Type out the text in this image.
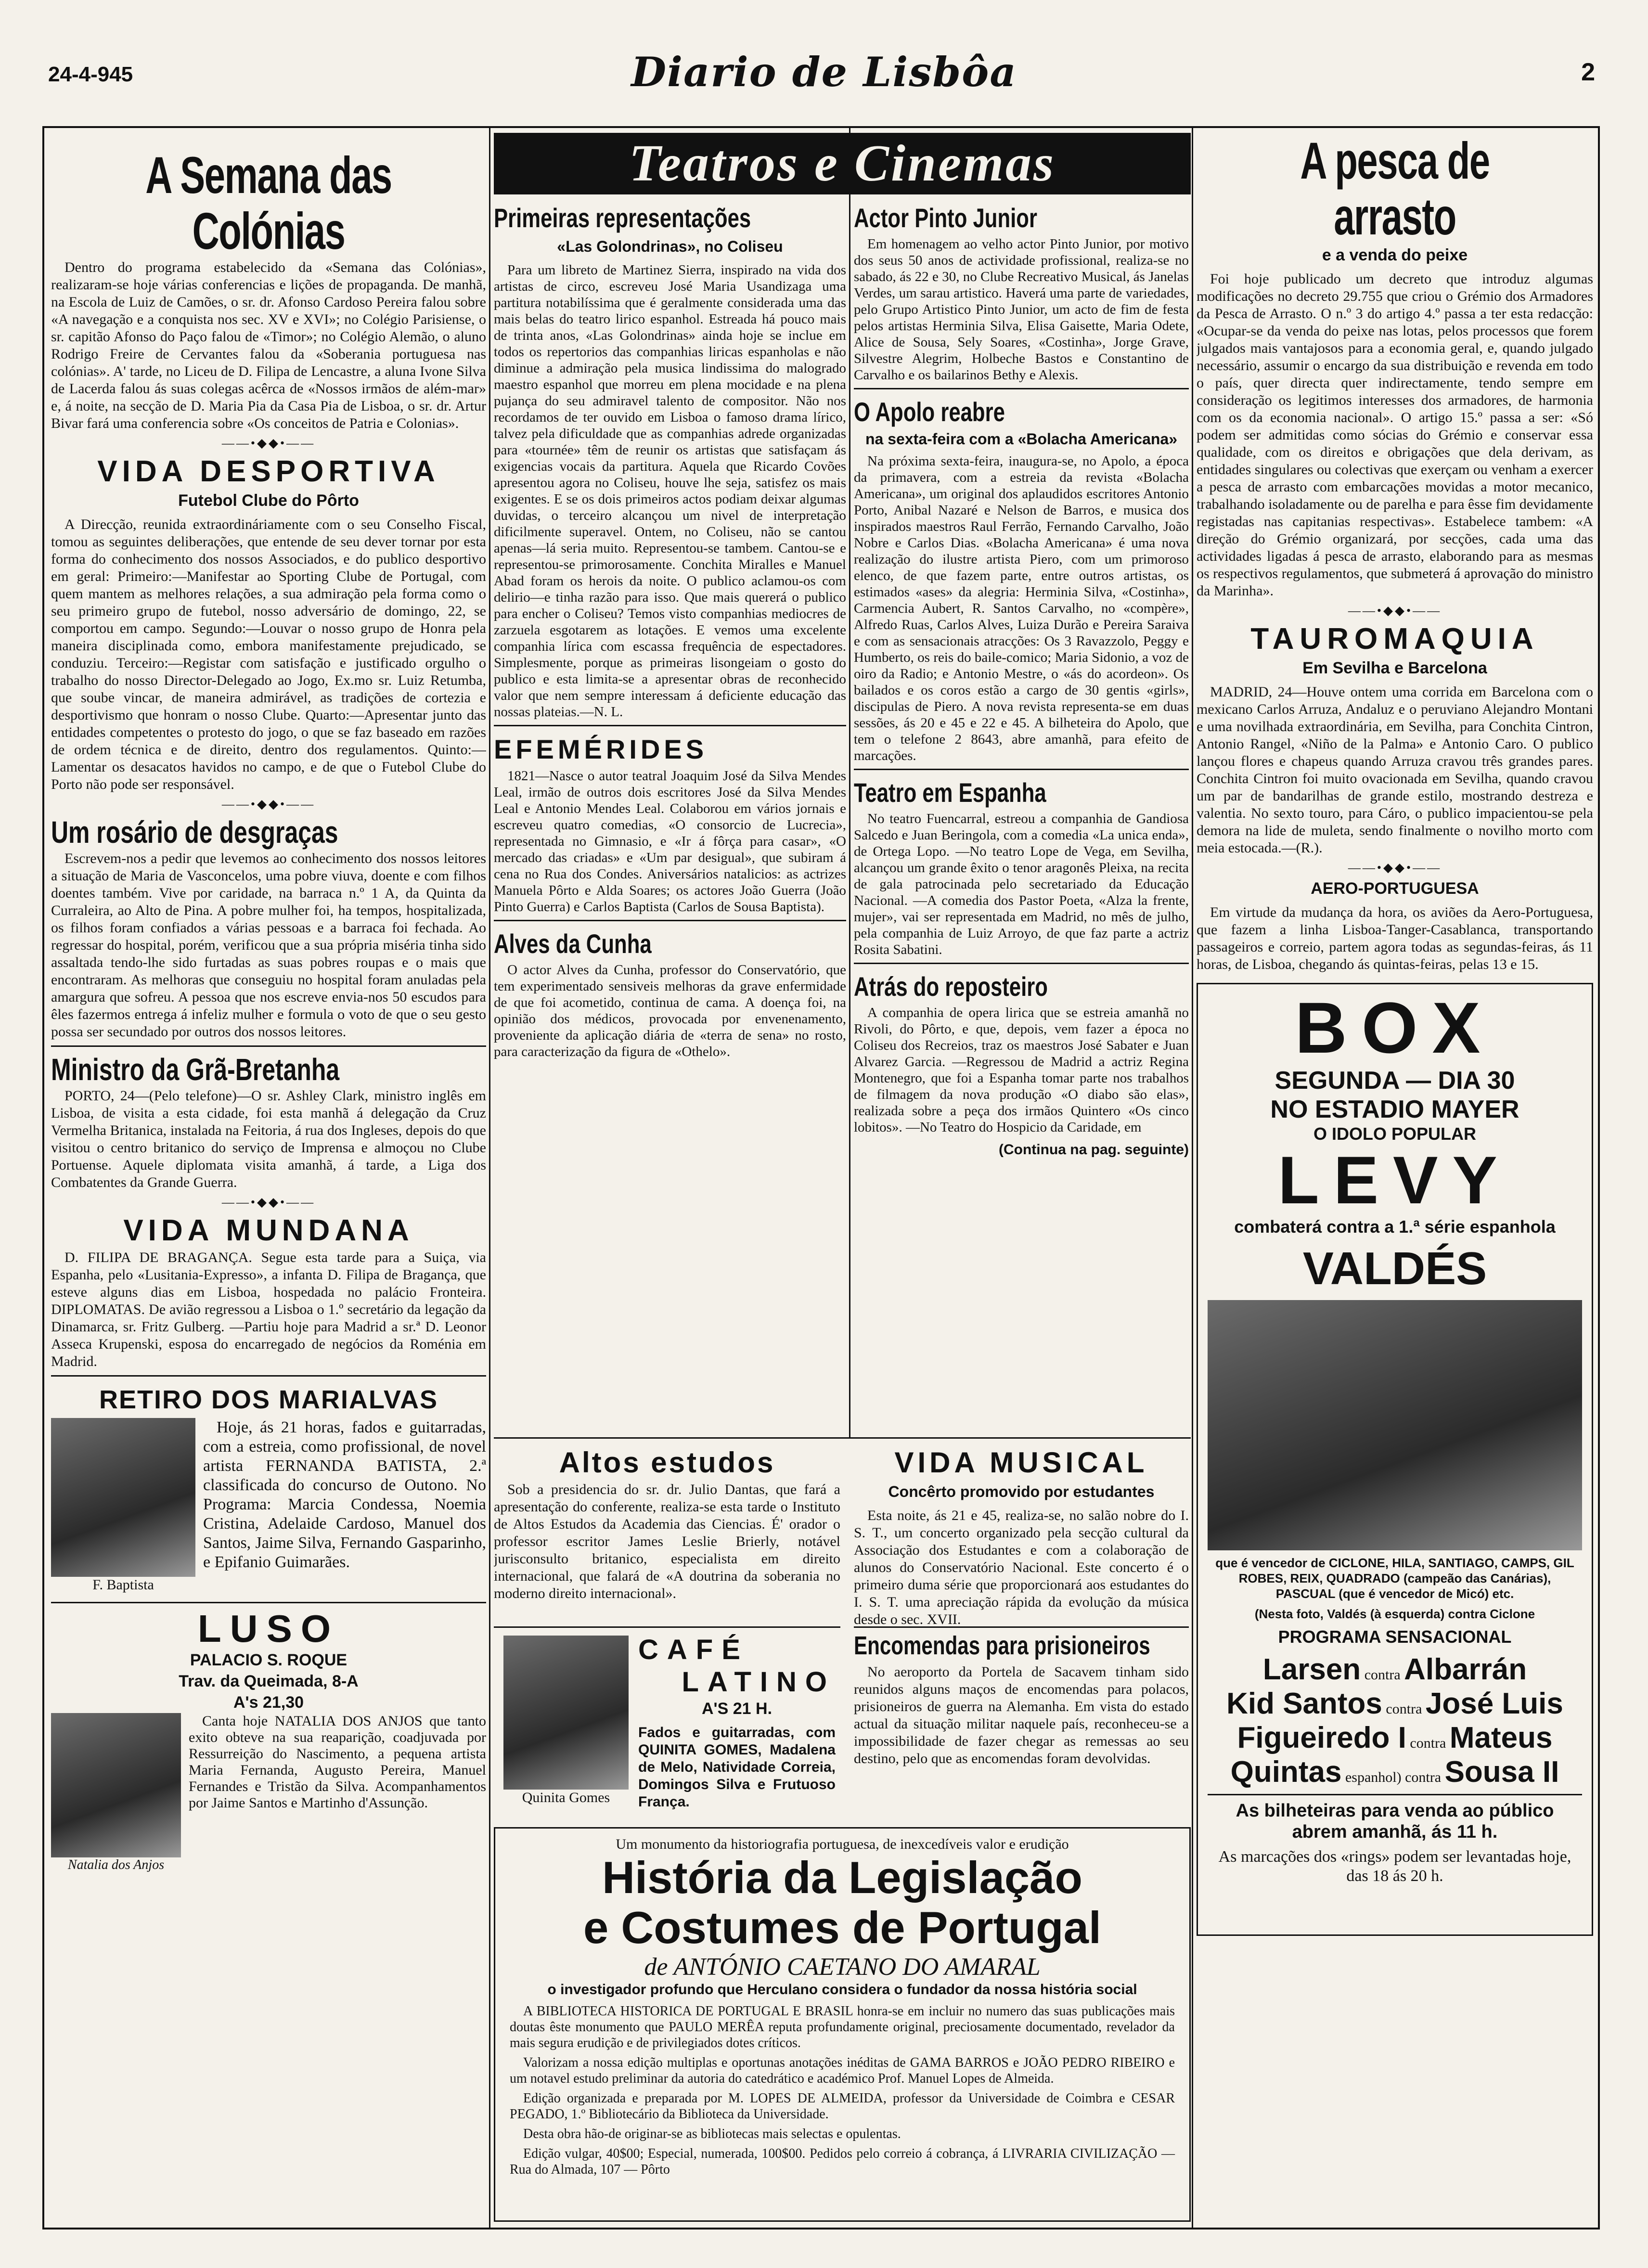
24-4-945	Diario de Lisbôa	2
A Semana das Colónias

Dentro do programa estabelecido da «Semana das Colónias», realizaram-se hoje várias conferencias e lições de propaganda. De manhã, na Escola de Luiz de Camões, o sr. dr. Afonso Cardoso Pereira falou sobre «A navegação e a conquista nos sec. XV e XVI»; no Colégio Parisiense, o sr. capitão Afonso do Paço falou de «Timor»; no Colégio Alemão, o aluno Rodrigo Freire de Cervantes falou da «Soberania portuguesa nas colónias». A' tarde, no Liceu de D. Filipa de Lencastre, a aluna Ivone Silva de Lacerda falou ás suas colegas acêrca de «Nossos irmãos de além-mar» e, á noite, na secção de D. Maria Pia da Casa Pia de Lisboa, o sr. dr. Artur Bivar fará uma conferencia sobre «Os conceitos de Patria e Colonias».

——•◆◆•——
VIDA DESPORTIVA
Futebol Clube do Pôrto

A Direcção, reunida extraordináriamente com o seu Conselho Fiscal, tomou as seguintes deliberações, que entende de seu dever tornar por esta forma do conhecimento dos nossos Associados, e do publico desportivo em geral: Primeiro:—Manifestar ao Sporting Clube de Portugal, com quem mantem as melhores relações, a sua admiração pela forma como o seu primeiro grupo de futebol, nosso adversário de domingo, 22, se comportou em campo. Segundo:—Louvar o nosso grupo de Honra pela maneira disciplinada como, embora manifestamente prejudicado, se conduziu. Terceiro:—Registar com satisfação e justificado orgulho o trabalho do nosso Director-Delegado ao Jogo, Ex.mo sr. Luiz Retumba, que soube vincar, de maneira admirável, as tradições de cortezia e desportivismo que honram o nosso Clube. Quarto:—Apresentar junto das entidades competentes o protesto do jogo, o que se faz baseado em razões de ordem técnica e de direito, dentro dos regulamentos. Quinto:—Lamentar os desacatos havidos no campo, e de que o Futebol Clube do Porto não pode ser responsável.

——•◆◆•——
Um rosário de desgraças

Escrevem-nos a pedir que levemos ao conhecimento dos nossos leitores a situação de Maria de Vasconcelos, uma pobre viuva, doente e com filhos doentes também. Vive por caridade, na barraca n.º 1 A, da Quinta da Curraleira, ao Alto de Pina. A pobre mulher foi, ha tempos, hospitalizada, os filhos foram confiados a várias pessoas e a barraca foi fechada. Ao regressar do hospital, porém, verificou que a sua própria miséria tinha sido assaltada tendo-lhe sido furtadas as suas pobres roupas e o mais que encontraram. As melhoras que conseguiu no hospital foram anuladas pela amargura que sofreu. A pessoa que nos escreve envia-nos 50 escudos para êles fazermos entrega á infeliz mulher e formula o voto de que o seu gesto possa ser secundado por outros dos nossos leitores.

Ministro da Grã-Bretanha

PORTO, 24—(Pelo telefone)—O sr. Ashley Clark, ministro inglês em Lisboa, de visita a esta cidade, foi esta manhã á delegação da Cruz Vermelha Britanica, instalada na Feitoria, á rua dos Ingleses, depois do que visitou o centro britanico do serviço de Imprensa e almoçou no Clube Portuense. Aquele diplomata visita amanhã, á tarde, a Liga dos Combatentes da Grande Guerra.

——•◆◆•——
VIDA MUNDANA

D. FILIPA DE BRAGANÇA. Segue esta tarde para a Suiça, via Espanha, pelo «Lusitania-Expresso», a infanta D. Filipa de Bragança, que esteve alguns dias em Lisboa, hospedada no palácio Fronteira. DIPLOMATAS. De avião regressou a Lisboa o 1.º secretário da legação da Dinamarca, sr. Fritz Gulberg. —Partiu hoje para Madrid a sr.ª D. Leonor Asseca Krupenski, esposa do encarregado de negócios da Roménia em Madrid.

RETIRO DOS MARIALVAS
F. Baptista

Hoje, ás 21 horas, fados e guitarradas, com a estreia, como profissional, de novel artista FERNANDA BATISTA, 2.ª classificada do concurso de Outono. No Programa: Marcia Condessa, Noemia Cristina, Adelaide Cardoso, Manuel dos Santos, Jaime Silva, Fernando Gasparinho, e Epifanio Guimarães.

LUSO
PALACIO S. ROQUE
Trav. da Queimada, 8-A
A's 21,30
Natalia dos Anjos

Canta hoje NATALIA DOS ANJOS que tanto exito obteve na sua reaparição, coadjuvada por Ressurreição do Nascimento, a pequena artista Maria Fernanda, Augusto Pereira, Manuel Fernandes e Tristão da Silva. Acompanhamentos por Jaime Santos e Martinho d'Assunção.

Teatros e Cinemas
Primeiras representações
«Las Golondrinas», no Coliseu

Para um libreto de Martinez Sierra, inspirado na vida dos artistas de circo, escreveu José Maria Usandizaga uma partitura notabilíssima que é geralmente considerada uma das mais belas do teatro lirico espanhol. Estreada há pouco mais de trinta anos, «Las Golondrinas» ainda hoje se inclue em todos os repertorios das companhias liricas espanholas e não diminue a admiração pela musica lindissima do malogrado maestro espanhol que morreu em plena mocidade e na plena pujança do seu admiravel talento de compositor. Não nos recordamos de ter ouvido em Lisboa o famoso drama lírico, talvez pela dificuldade que as companhias adrede organizadas para «tournée» têm de reunir os artistas que satisfaçam ás exigencias vocais da partitura. Aquela que Ricardo Covões apresentou agora no Coliseu, houve lhe seja, satisfez os mais exigentes. E se os dois primeiros actos podiam deixar algumas duvidas, o terceiro alcançou um nivel de interpretação dificilmente superavel. Ontem, no Coliseu, não se cantou apenas—lá seria muito. Representou-se tambem. Cantou-se e representou-se primorosamente. Conchita Miralles e Manuel Abad foram os herois da noite. O publico aclamou-os com delirio—e tinha razão para isso. Que mais quererá o publico para encher o Coliseu? Temos visto companhias mediocres de zarzuela esgotarem as lotações. E vemos uma excelente companhia lírica com escassa frequência de espectadores. Simplesmente, porque as primeiras lisongeiam o gosto do publico e esta limita-se a apresentar obras de reconhecido valor que nem sempre interessam á deficiente educação das nossas plateias.—N. L.

EFEMÉRIDES

1821—Nasce o autor teatral Joaquim José da Silva Mendes Leal, irmão de outros dois escritores José da Silva Mendes Leal e Antonio Mendes Leal. Colaborou em vários jornais e escreveu quatro comedias, «O consorcio de Lucrecia», representada no Gimnasio, e «Ir á fôrça para casar», «O mercado das criadas» e «Um par desigual», que subiram á cena no Rua dos Condes. Aniversários natalicios: as actrizes Manuela Pôrto e Alda Soares; os actores João Guerra (João Pinto Guerra) e Carlos Baptista (Carlos de Sousa Baptista).

Alves da Cunha

O actor Alves da Cunha, professor do Conservatório, que tem experimentado sensiveis melhoras da grave enfermidade de que foi acometido, continua de cama. A doença foi, na opinião dos médicos, provocada por envenenamento, proveniente da aplicação diária de «terra de sena» no rosto, para caracterização da figura de «Othelo».

Actor Pinto Junior

Em homenagem ao velho actor Pinto Junior, por motivo dos seus 50 anos de actividade profissional, realiza-se no sabado, ás 22 e 30, no Clube Recreativo Musical, ás Janelas Verdes, um sarau artistico. Haverá uma parte de variedades, pelo Grupo Artistico Pinto Junior, um acto de fim de festa pelos artistas Herminia Silva, Elisa Gaisette, Maria Odete, Alice de Sousa, Sely Soares, «Costinha», Jorge Grave, Silvestre Alegrim, Holbeche Bastos e Constantino de Carvalho e os bailarinos Bethy e Alexis.

O Apolo reabre
na sexta-feira com a «Bolacha Americana»

Na próxima sexta-feira, inaugura-se, no Apolo, a época da primavera, com a estreia da revista «Bolacha Americana», um original dos aplaudidos escritores Antonio Porto, Anibal Nazaré e Nelson de Barros, e musica dos inspirados maestros Raul Ferrão, Fernando Carvalho, João Nobre e Carlos Dias. «Bolacha Americana» é uma nova realização do ilustre artista Piero, com um primoroso elenco, de que fazem parte, entre outros artistas, os estimados «ases» da alegria: Herminia Silva, «Costinha», Carmencia Aubert, R. Santos Carvalho, no «compère», Alfredo Ruas, Carlos Alves, Luiza Durão e Pereira Saraiva e com as sensacionais atracções: Os 3 Ravazzolo, Peggy e Humberto, os reis do baile-comico; Maria Sidonio, a voz de oiro da Radio; e Antonio Mestre, o «ás do acordeon». Os bailados e os coros estão a cargo de 30 gentis «girls», discipulas de Piero. A nova revista representa-se em duas sessões, ás 20 e 45 e 22 e 45. A bilheteira do Apolo, que tem o telefone 2 8643, abre amanhã, para efeito de marcações.

Teatro em Espanha

No teatro Fuencarral, estreou a companhia de Gandiosa Salcedo e Juan Beringola, com a comedia «La unica enda», de Ortega Lopo. —No teatro Lope de Vega, em Sevilha, alcançou um grande êxito o tenor aragonês Pleixa, na recita de gala patrocinada pelo secretariado da Educação Nacional. —A comedia dos Pastor Poeta, «Alza la frente, mujer», vai ser representada em Madrid, no mês de julho, pela companhia de Luiz Arroyo, de que faz parte a actriz Rosita Sabatini.

Atrás do reposteiro

A companhia de opera lirica que se estreia amanhã no Rivoli, do Pôrto, e que, depois, vem fazer a época no Coliseu dos Recreios, traz os maestros José Sabater e Juan Alvarez Garcia. —Regressou de Madrid a actriz Regina Montenegro, que foi a Espanha tomar parte nos trabalhos de filmagem da nova produção «O diabo são elas», realizada sobre a peça dos irmãos Quintero «Os cinco lobitos». —No Teatro do Hospicio da Caridade, em

(Continua na pag. seguinte)
Altos estudos

Sob a presidencia do sr. dr. Julio Dantas, que fará a apresentação do conferente, realiza-se esta tarde o Instituto de Altos Estudos da Academia das Ciencias. É' orador o professor escritor James Leslie Brierly, notável jurisconsulto britanico, especialista em direito internacional, que falará de «A doutrina da soberania no moderno direito internacional».

VIDA MUSICAL
Concêrto promovido por estudantes

Esta noite, ás 21 e 45, realiza-se, no salão nobre do I. S. T., um concerto organizado pela secção cultural da Associação dos Estudantes e com a colaboração de alunos do Conservatório Nacional. Este concerto é o primeiro duma série que proporcionará aos estudantes do I. S. T. uma apreciação rápida da evolução da música desde o sec. XVII.

Quinita Gomes
CAFÉ
LATINO
A'S 21 H.

Fados e guitarradas, com QUINITA GOMES, Madalena de Melo, Natividade Correia, Domingos Silva e Frutuoso França.

Encomendas para prisioneiros

No aeroporto da Portela de Sacavem tinham sido reunidos alguns maços de encomendas para polacos, prisioneiros de guerra na Alemanha. Em vista do estado actual da situação militar naquele país, reconheceu-se a impossibilidade de fazer chegar as remessas ao seu destino, pelo que as encomendas foram devolvidas.

Um monumento da historiografia portuguesa, de inexcedíveis valor e erudição
História da Legislação
e Costumes de Portugal
de ANTÓNIO CAETANO DO AMARAL
o investigador profundo que Herculano considera o fundador da nossa história social

A BIBLIOTECA HISTORICA DE PORTUGAL E BRASIL honra-se em incluir no numero das suas publicações mais doutas êste monumento que PAULO MERÊA reputa profundamente original, preciosamente documentado, revelador da mais segura erudição e de privilegiados dotes críticos.

Valorizam a nossa edição multiplas e oportunas anotações inéditas de GAMA BARROS e JOÃO PEDRO RIBEIRO e um notavel estudo preliminar da autoria do catedrático e académico Prof. Manuel Lopes de Almeida.

Edição organizada e preparada por M. LOPES DE ALMEIDA, professor da Universidade de Coimbra e CESAR PEGADO, 1.º Bibliotecário da Biblioteca da Universidade.

Desta obra hão-de originar-se as bibliotecas mais selectas e opulentas.

Edição vulgar, 40$00; Especial, numerada, 100$00. Pedidos pelo correio á cobrança, á LIVRARIA CIVILIZAÇÃO — Rua do Almada, 107 — Pôrto

A pesca de arrasto
e a venda do peixe

Foi hoje publicado um decreto que introduz algumas modificações no decreto 29.755 que criou o Grémio dos Armadores da Pesca de Arrasto. O n.º 3 do artigo 4.º passa a ter esta redacção: «Ocupar-se da venda do peixe nas lotas, pelos processos que forem julgados mais vantajosos para a economia geral, e, quando julgado necessário, assumir o encargo da sua distribuição e revenda em todo o país, quer directa quer indirectamente, tendo sempre em consideração os legitimos interesses dos armadores, de harmonia com os da economia nacional». O artigo 15.º passa a ser: «Só podem ser admitidas como sócias do Grémio e conservar essa qualidade, com os direitos e obrigações que dela derivam, as entidades singulares ou colectivas que exerçam ou venham a exercer a pesca de arrasto com embarcações movidas a motor mecanico, trabalhando isoladamente ou de parelha e para êsse fim devidamente registadas nas capitanias respectivas». Estabelece tambem: «A direção do Grémio organizará, por secções, cada uma das actividades ligadas á pesca de arrasto, elaborando para as mesmas os respectivos regulamentos, que submeterá á aprovação do ministro da Marinha».

——•◆◆•——
TAUROMAQUIA
Em Sevilha e Barcelona

MADRID, 24—Houve ontem uma corrida em Barcelona com o mexicano Carlos Arruza, Andaluz e o peruviano Alejandro Montani e uma novilhada extraordinária, em Sevilha, para Conchita Cintron, Antonio Rangel, «Niño de la Palma» e Antonio Caro. O publico lançou flores e chapeus quando Arruza cravou três grandes pares. Conchita Cintron foi muito ovacionada em Sevilha, quando cravou um par de bandarilhas de grande estilo, mostrando destreza e valentia. No sexto touro, para Cáro, o publico impacientou-se pela demora na lide de muleta, sendo finalmente o novilho morto com meia estocada.—(R.).

——•◆◆•——
AERO-PORTUGUESA

Em virtude da mudança da hora, os aviões da Aero-Portuguesa, que fazem a linha Lisboa-Tanger-Casablanca, transportando passageiros e correio, partem agora todas as segundas-feiras, ás 11 horas, de Lisboa, chegando ás quintas-feiras, pelas 13 e 15.

BOX
SEGUNDA — DIA 30
NO ESTADIO MAYER
O IDOLO POPULAR
LEVY
combaterá contra a 1.ª série espanhola
VALDÉS
que é vencedor de CICLONE, HILA, SANTIAGO, CAMPS, GIL ROBES, REIX, QUADRADO (campeão das Canárias), PASCUAL (que é vencedor de Micó) etc.
(Nesta foto, Valdés (à esquerda) contra Ciclone
PROGRAMA SENSACIONAL
Larsen contra Albarrán
Kid Santos contra José Luis
Figueiredo I contra Mateus
Quintas espanhol) contra Sousa II
As bilheteiras para venda ao público abrem amanhã, ás 11 h.
As marcações dos «rings» podem ser levantadas hoje, das 18 ás 20 h.
